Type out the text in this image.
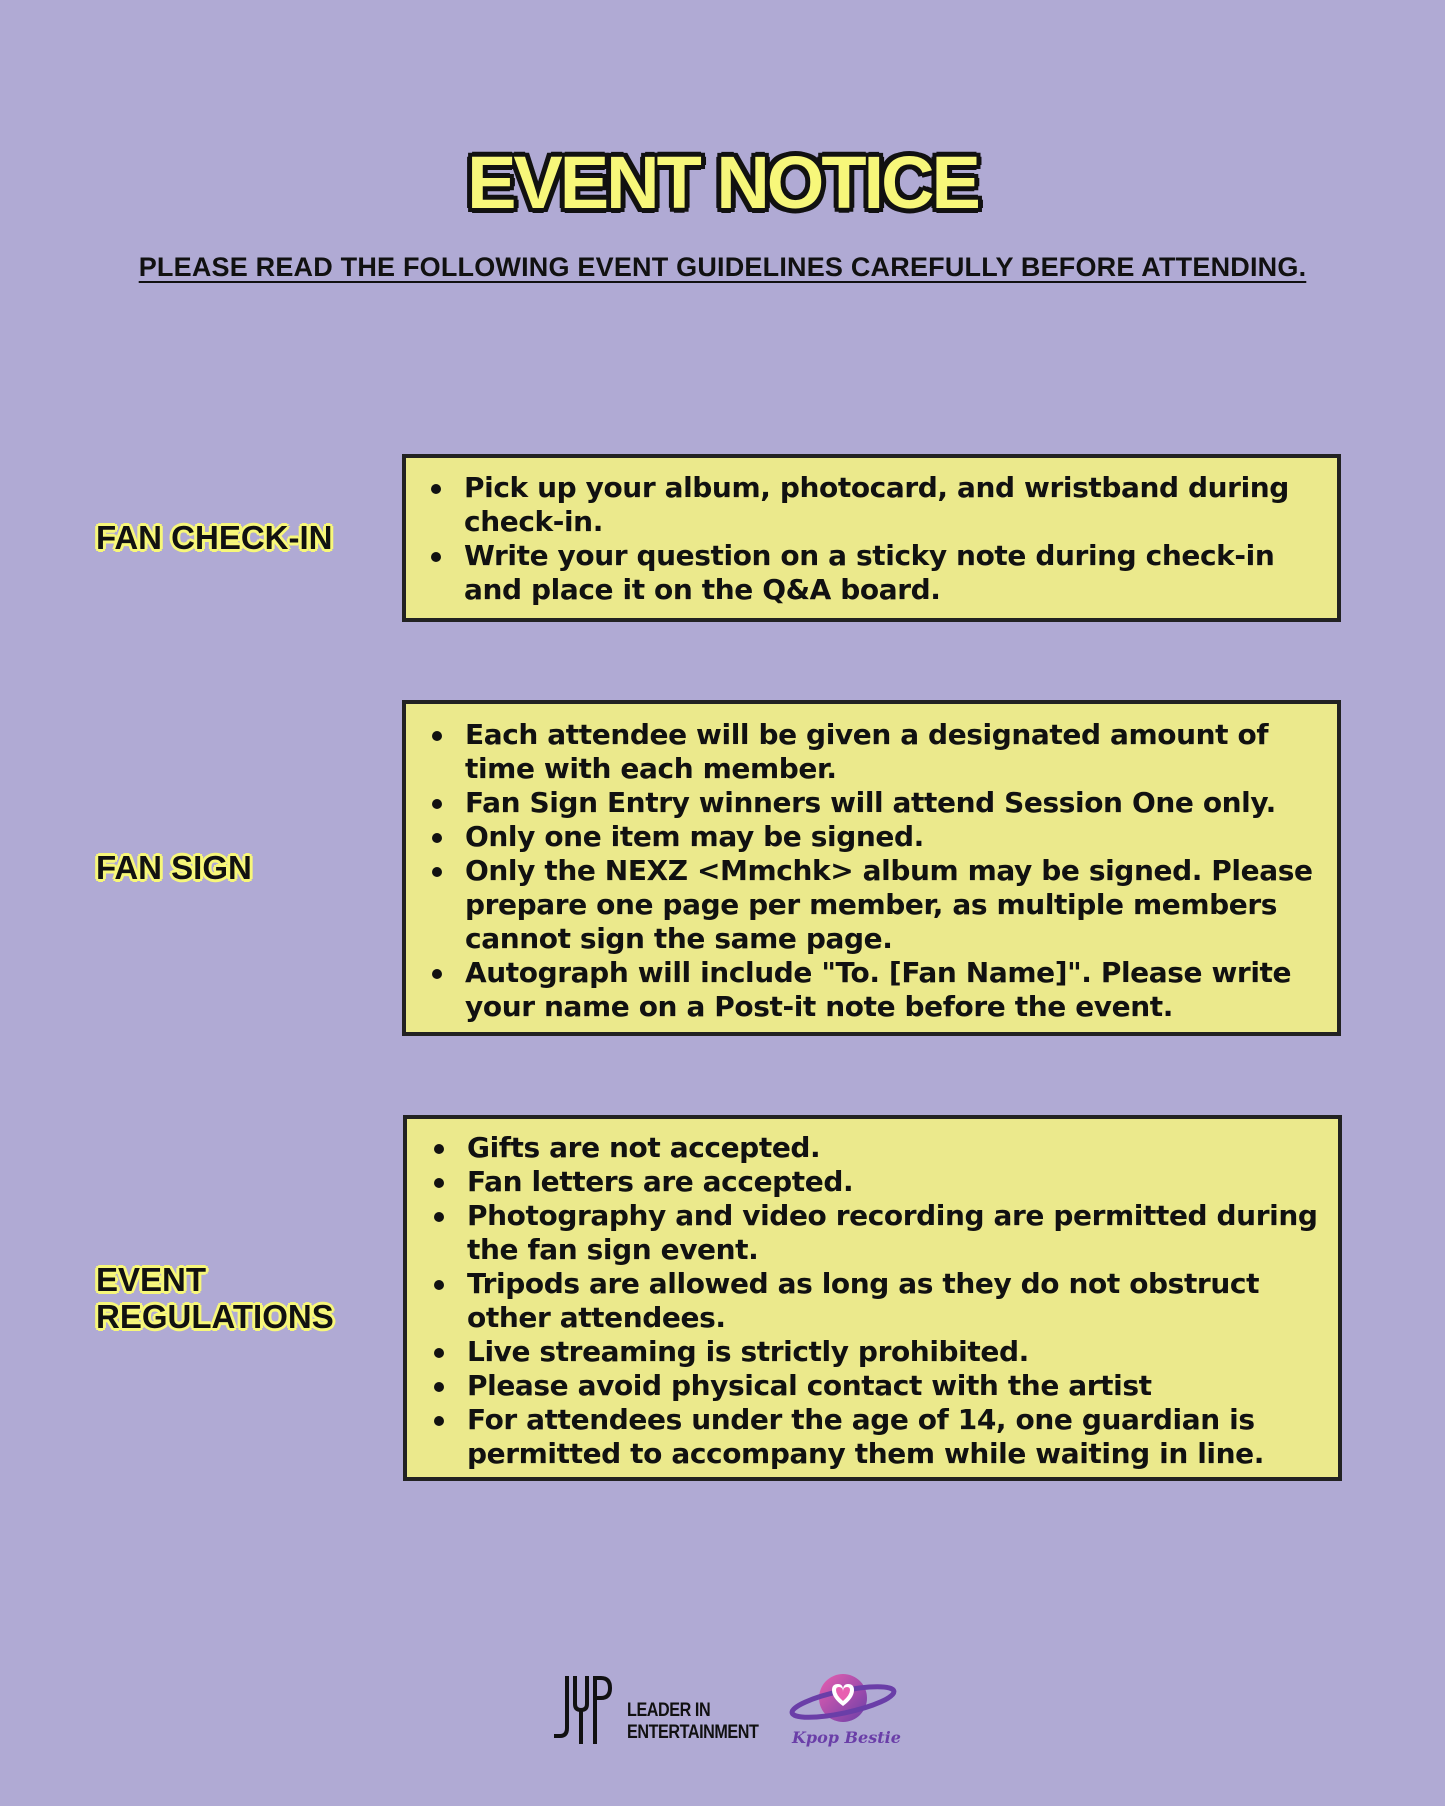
EVENT NOTICE
PLEASE READ THE FOLLOWING EVENT GUIDELINES CAREFULLY BEFORE ATTENDING.
FAN CHECK-IN
Pick up your album, photocard, and wristband during check-in.
Write your question on a sticky note during check-in and place it on the Q&A board.
FAN SIGN
Each attendee will be given a designated amount of time with each member.
Fan Sign Entry winners will attend Session One only.
Only one item may be signed.
Only the NEXZ <Mmchk> album may be signed. Please prepare one page per member, as multiple members cannot sign the same page.
Autograph will include "To. [Fan Name]". Please write your name on a Post-it note before the event.
EVENT
REGULATIONS
Gifts are not accepted.
Fan letters are accepted.
Photography and video recording are permitted during the fan sign event.
Tripods are allowed as long as they do not obstruct other attendees.
Live streaming is strictly prohibited.
Please avoid physical contact with the artist
For attendees under the age of 14, one guardian is permitted to accompany them while waiting in line.
LEADER IN
ENTERTAINMENT Kpop Bestie
